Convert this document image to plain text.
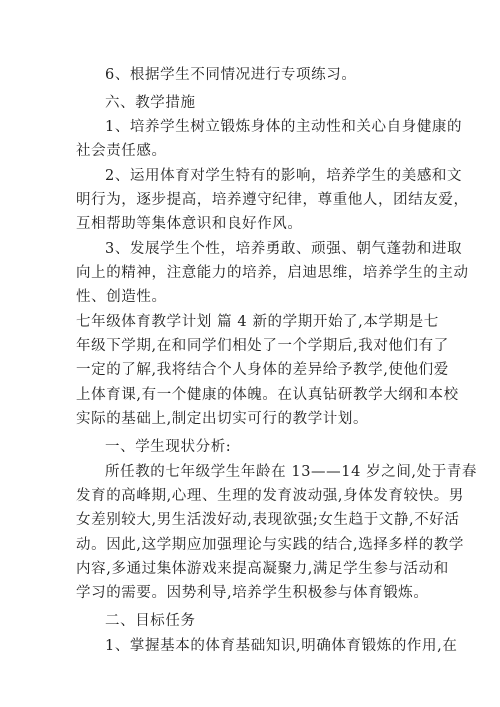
6、根据学生不同情况进行专项练习。
六、教学措施
1、培养学生树立锻炼身体的主动性和关心自身健康的
社会责任感。
2、运用体育对学生特有的影响，培养学生的美感和文
明行为，逐步提高，培养遵守纪律，尊重他人，团结友爱，
互相帮助等集体意识和良好作风。
3、发展学生个性，培养勇敢、顽强、朝气蓬勃和进取
向上的精神，注意能力的培养，启迪思维，培养学生的主动
性、创造性。
七年级体育教学计划 篇 4 新的学期开始了,本学期是七
年级下学期,在和同学们相处了一个学期后,我对他们有了
一定的了解,我将结合个人身体的差异给予教学,使他们爱
上体育课,有一个健康的体魄。在认真钻研教学大纲和本校
实际的基础上,制定出切实可行的教学计划。
一、学生现状分析:
所任教的七年级学生年龄在 13——14 岁之间,处于青春
发育的高峰期,心理、生理的发育波动强,身体发育较快。男
女差别较大,男生活泼好动,表现欲强;女生趋于文静,不好活
动。因此,这学期应加强理论与实践的结合,选择多样的教学
内容,多通过集体游戏来提高凝聚力,满足学生参与活动和
学习的需要。因势利导,培养学生积极参与体育锻炼。
二、目标任务
1、掌握基本的体育基础知识,明确体育锻炼的作用,在
